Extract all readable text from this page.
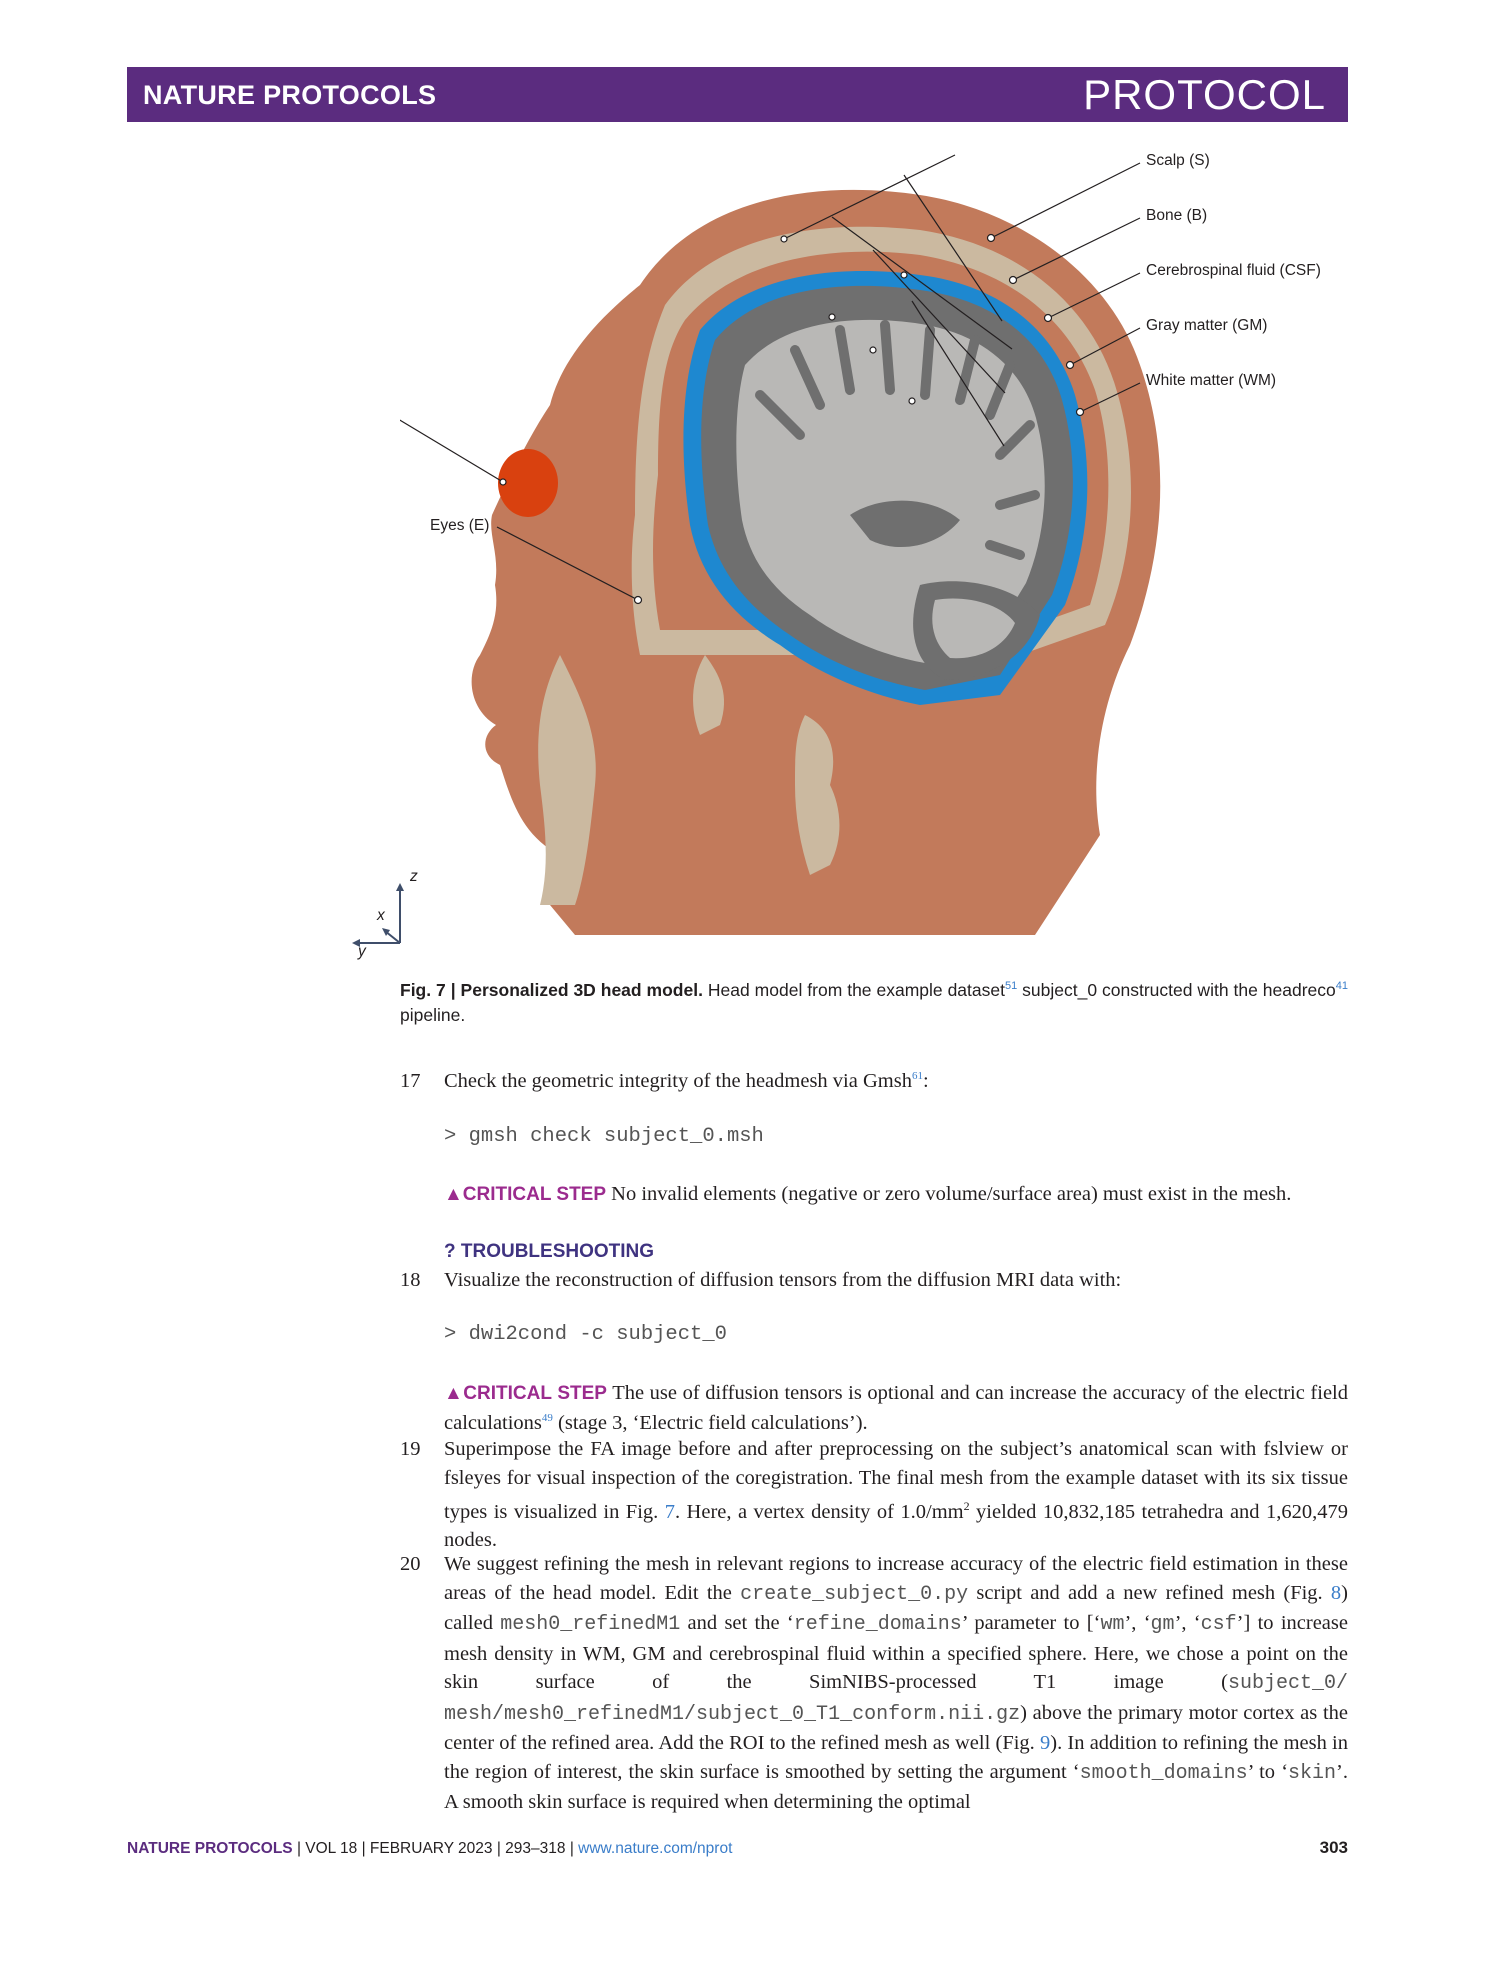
NATURE PROTOCOLS	PROTOCOL
z
x
y
Scalp (S)
Bone (B)
Cerebrospinal fluid (CSF)
Gray matter (GM)
White matter (WM)
Eyes (E)
Fig. 7 | Personalized 3D head model. Head model from the example dataset$^{51}$ subject_0 constructed with the headreco$^{41}$ pipeline.
17	Check the geometric integrity of the headmesh via Gmsh$^{61}$:
> gmsh check subject_0.msh
▲CRITICAL STEP No invalid elements (negative or zero volume/surface area) must exist in the mesh.
? TROUBLESHOOTING
18	Visualize the reconstruction of diffusion tensors from the diffusion MRI data with:
> dwi2cond -c subject_0
▲CRITICAL STEP The use of diffusion tensors is optional and can increase the accuracy of the electric field calculations$^{49}$ (stage 3, ‘Electric field calculations’).
19	Superimpose the FA image before and after preprocessing on the subject’s anatomical scan with fslview or fsleyes for visual inspection of the coregistration. The final mesh from the example dataset with its six tissue types is visualized in Fig. 7. Here, a vertex density of $1.0/mm^2$ yielded 10,832,185 tetrahedra and 1,620,479 nodes.
20	We suggest refining the mesh in relevant regions to increase accuracy of the electric field estimation in these areas of the head model. Edit the create_subject_0.py script and add a new refined mesh (Fig. 8) called mesh0_refinedM1 and set the ‘refine_domains’ parameter to [‘wm’, ‘gm’, ‘csf’] to increase mesh density in WM, GM and cerebrospinal fluid within a specified sphere. Here, we chose a point on the skin surface of the SimNIBS-processed T1 image (subject_0/ mesh/mesh0_refinedM1/subject_0_T1_conform.nii.gz) above the primary motor cortex as the center of the refined area. Add the ROI to the refined mesh as well (Fig. 9). In addition to refining the mesh in the region of interest, the skin surface is smoothed by setting the argument ‘smooth_domains’ to ‘skin’. A smooth skin surface is required when determining the optimal
NATURE PROTOCOLS | VOL 18 | FEBRUARY 2023 | 293–318 | www.nature.com/nprot	303
